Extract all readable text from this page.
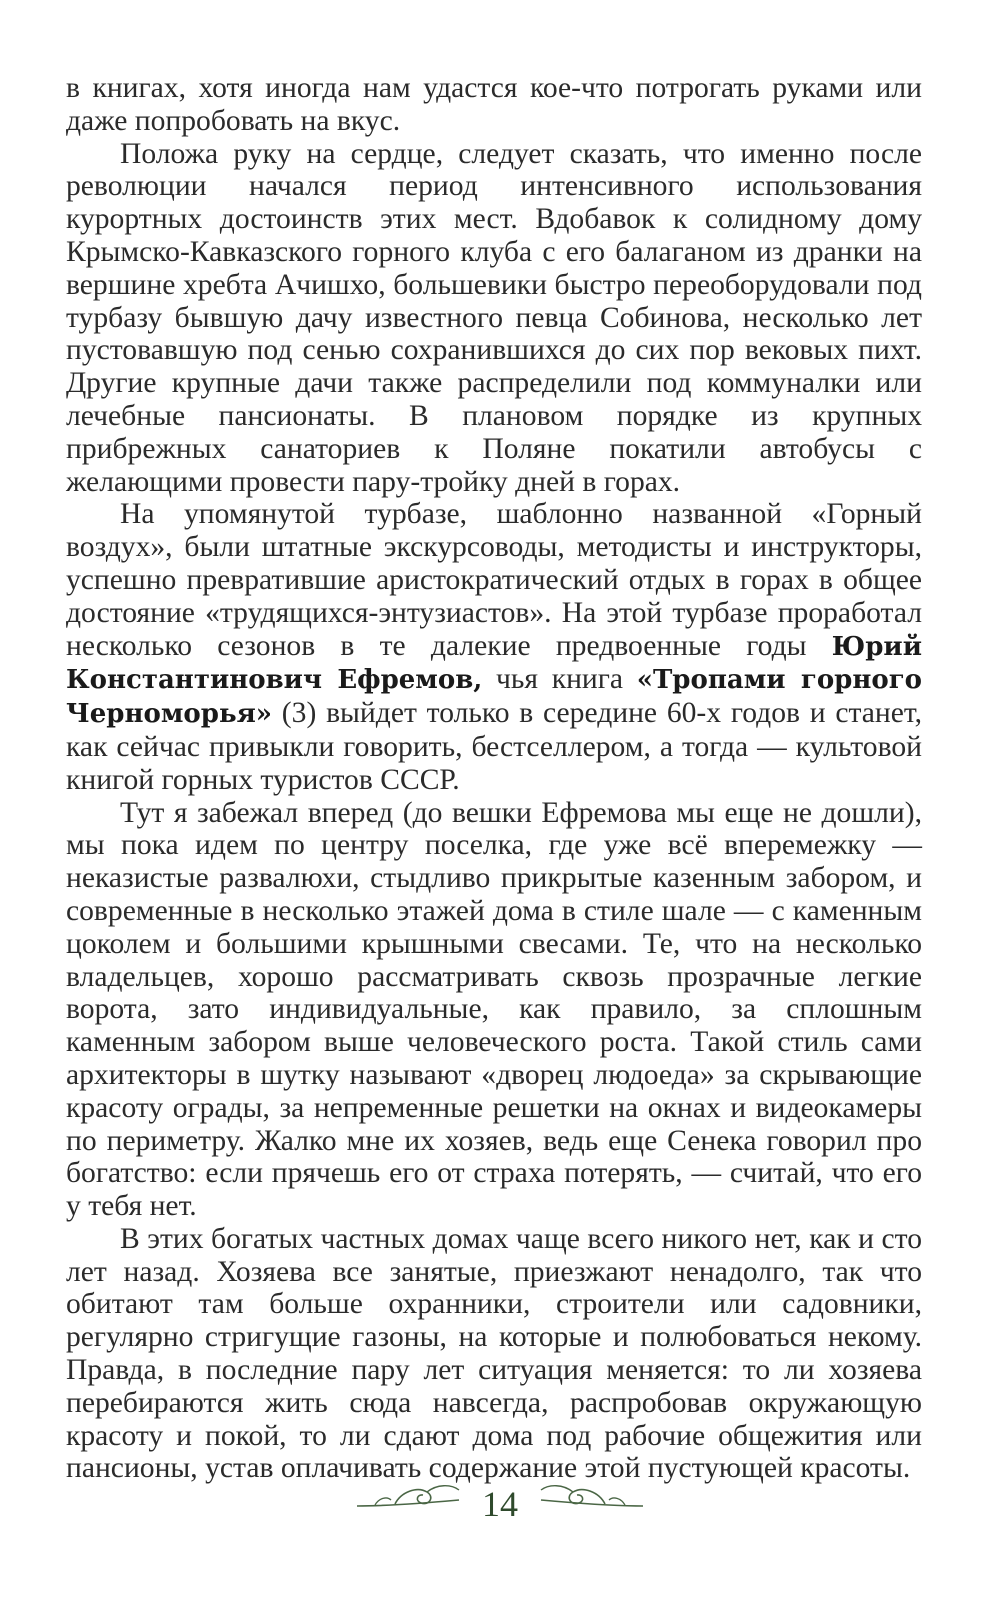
в книгах, хотя иногда нам удастся кое-что потрогать руками или даже попробовать на вкус.

Положа руку на сердце, следует сказать, что именно после революции начался период интенсивного использования курортных достоинств этих мест. Вдобавок к солидному дому Крымско-Кавказского горного клуба с его балаганом из дранки на вершине хребта Ачишхо, большевики быстро переоборудовали под турбазу бывшую дачу известного певца Собинова, несколько лет пустовавшую под сенью сохранившихся до сих пор вековых пихт. Другие крупные дачи также распределили под коммуналки или лечебные пансионаты. В плановом порядке из крупных прибрежных санаториев к Поляне покатили автобусы с желающими провести пару-тройку дней в горах.

На упомянутой турбазе, шаблонно названной «Горный воздух», были штатные экскурсоводы, методисты и инструкторы, успешно превратившие аристократический отдых в горах в общее достояние «трудящихся-энтузиастов». На этой турбазе проработал несколько сезонов в те далекие предвоенные годы Юрий Константинович Ефремов, чья книга «Тропами горного Черноморья» (3) выйдет только в середине 60-х годов и станет, как сейчас привыкли говорить, бестселлером, а тогда — культовой книгой горных туристов СССР.

Тут я забежал вперед (до вешки Ефремова мы еще не дошли), мы пока идем по центру поселка, где уже всё вперемежку — неказистые развалюхи, стыдливо прикрытые казенным забором, и современные в несколько этажей дома в стиле шале — с каменным цоколем и большими крышными свесами. Те, что на несколько владельцев, хорошо рассматривать сквозь прозрачные легкие ворота, зато индивидуальные, как правило, за сплошным каменным забором выше человеческого роста. Такой стиль сами архитекторы в шутку называют «дворец людоеда» за скрывающие красоту ограды, за непременные решетки на окнах и видеокамеры по периметру. Жалко мне их хозяев, ведь еще Сенека говорил про богатство: если прячешь его от страха потерять, — считай, что его у тебя нет.

В этих богатых частных домах чаще всего никого нет, как и сто лет назад. Хозяева все занятые, приезжают ненадолго, так что обитают там больше охранники, строители или садовники, регулярно стригущие газоны, на которые и полюбоваться некому. Правда, в последние пару лет ситуация меняется: то ли хозяева перебираются жить сюда навсегда, распробовав окружающую красоту и покой, то ли сдают дома под рабочие общежития или пансионы, устав оплачивать содержание этой пустующей красоты.

14
